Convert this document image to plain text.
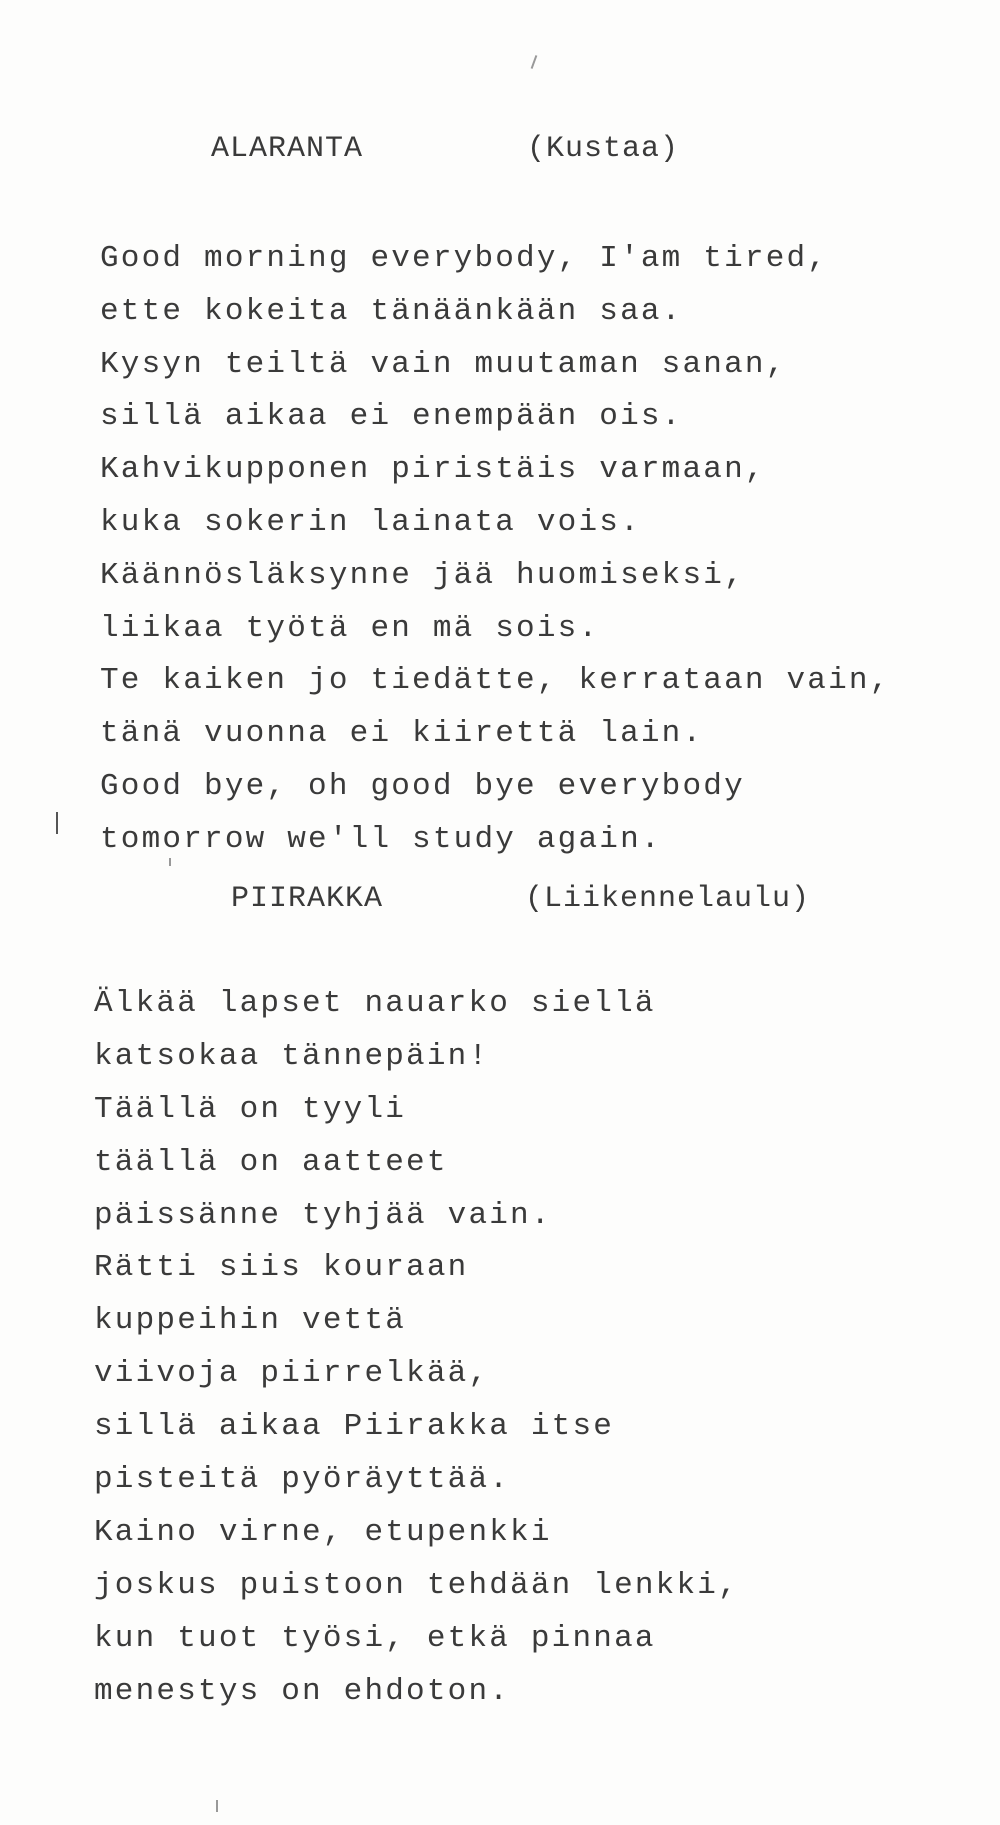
ALARANTA	(Kustaa)
Good morning everybody, I'am tired,
ette kokeita tänäänkään saa.
Kysyn teiltä vain muutaman sanan,
sillä aikaa ei enempään ois.
Kahvikupponen piristäis varmaan,
kuka sokerin lainata vois.
Käännösläksynne jää huomiseksi,
liikaa työtä en mä sois.
Te kaiken jo tiedätte, kerrataan vain,
tänä vuonna ei kiirettä lain.
Good bye, oh good bye everybody
tomorrow we'll study again.
PIIRAKKA	(Liikennelaulu)
Älkää lapset nauarko siellä
katsokaa tännepäin!
Täällä on tyyli
täällä on aatteet
päissänne tyhjää vain.
Rätti siis kouraan
kuppeihin vettä
viivoja piirrelkää,
sillä aikaa Piirakka itse
pisteitä pyöräyttää.
Kaino virne, etupenkki
joskus puistoon tehdään lenkki,
kun tuot työsi, etkä pinnaa
menestys on ehdoton.
